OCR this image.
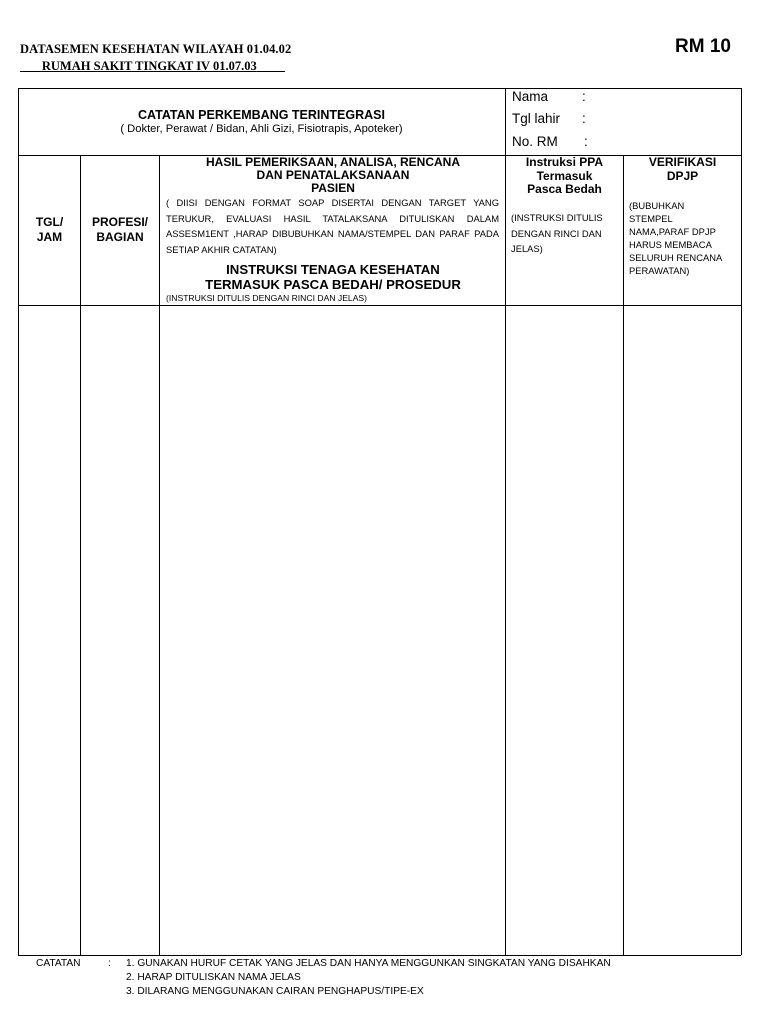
DATASEMEN KESEHATAN WILAYAH 01.04.02
RUMAH SAKIT TINGKAT IV 01.07.03       _
RM 10
CATATAN PERKEMBANG TERINTEGRASI
( Dokter, Perawat / Bidan, Ahli Gizi, Fisiotrapis, Apoteker)
Nama	:
Tgl lahir :
No. RM :
TGL/
JAM
PROFESI/
BAGIAN
HASIL PEMERIKSAAN, ANALISA, RENCANA
DAN PENATALAKSANAAN
PASIEN
( DIISI DENGAN FORMAT SOAP DISERTAI DENGAN TARGET YANG TERUKUR, EVALUASI HASIL TATALAKSANA DITULISKAN DALAM ASSESM1ENT ,HARAP DIBUBUHKAN NAMA/STEMPEL DAN PARAF PADA SETIAP AKHIR CATATAN)
INSTRUKSI TENAGA KESEHATAN
TERMASUK PASCA BEDAH/ PROSEDUR
(INSTRUKSI DITULIS DENGAN RINCI DAN JELAS)
Instruksi PPA
Termasuk
Pasca Bedah
(INSTRUKSI DITULIS
DENGAN RINCI DAN
JELAS)
VERIFIKASI
DPJP
(BUBUHKAN
STEMPEL
NAMA,PARAF DPJP
HARUS MEMBACA
SELURUH RENCANA
PERAWATAN)
CATATAN	: 1. GUNAKAN HURUF CETAK YANG JELAS DAN HANYA MENGGUNKAN SINGKATAN YANG DISAHKAN
2. HARAP DITULISKAN NAMA JELAS
3. DILARANG MENGGUNAKAN CAIRAN PENGHAPUS/TIPE-EX
